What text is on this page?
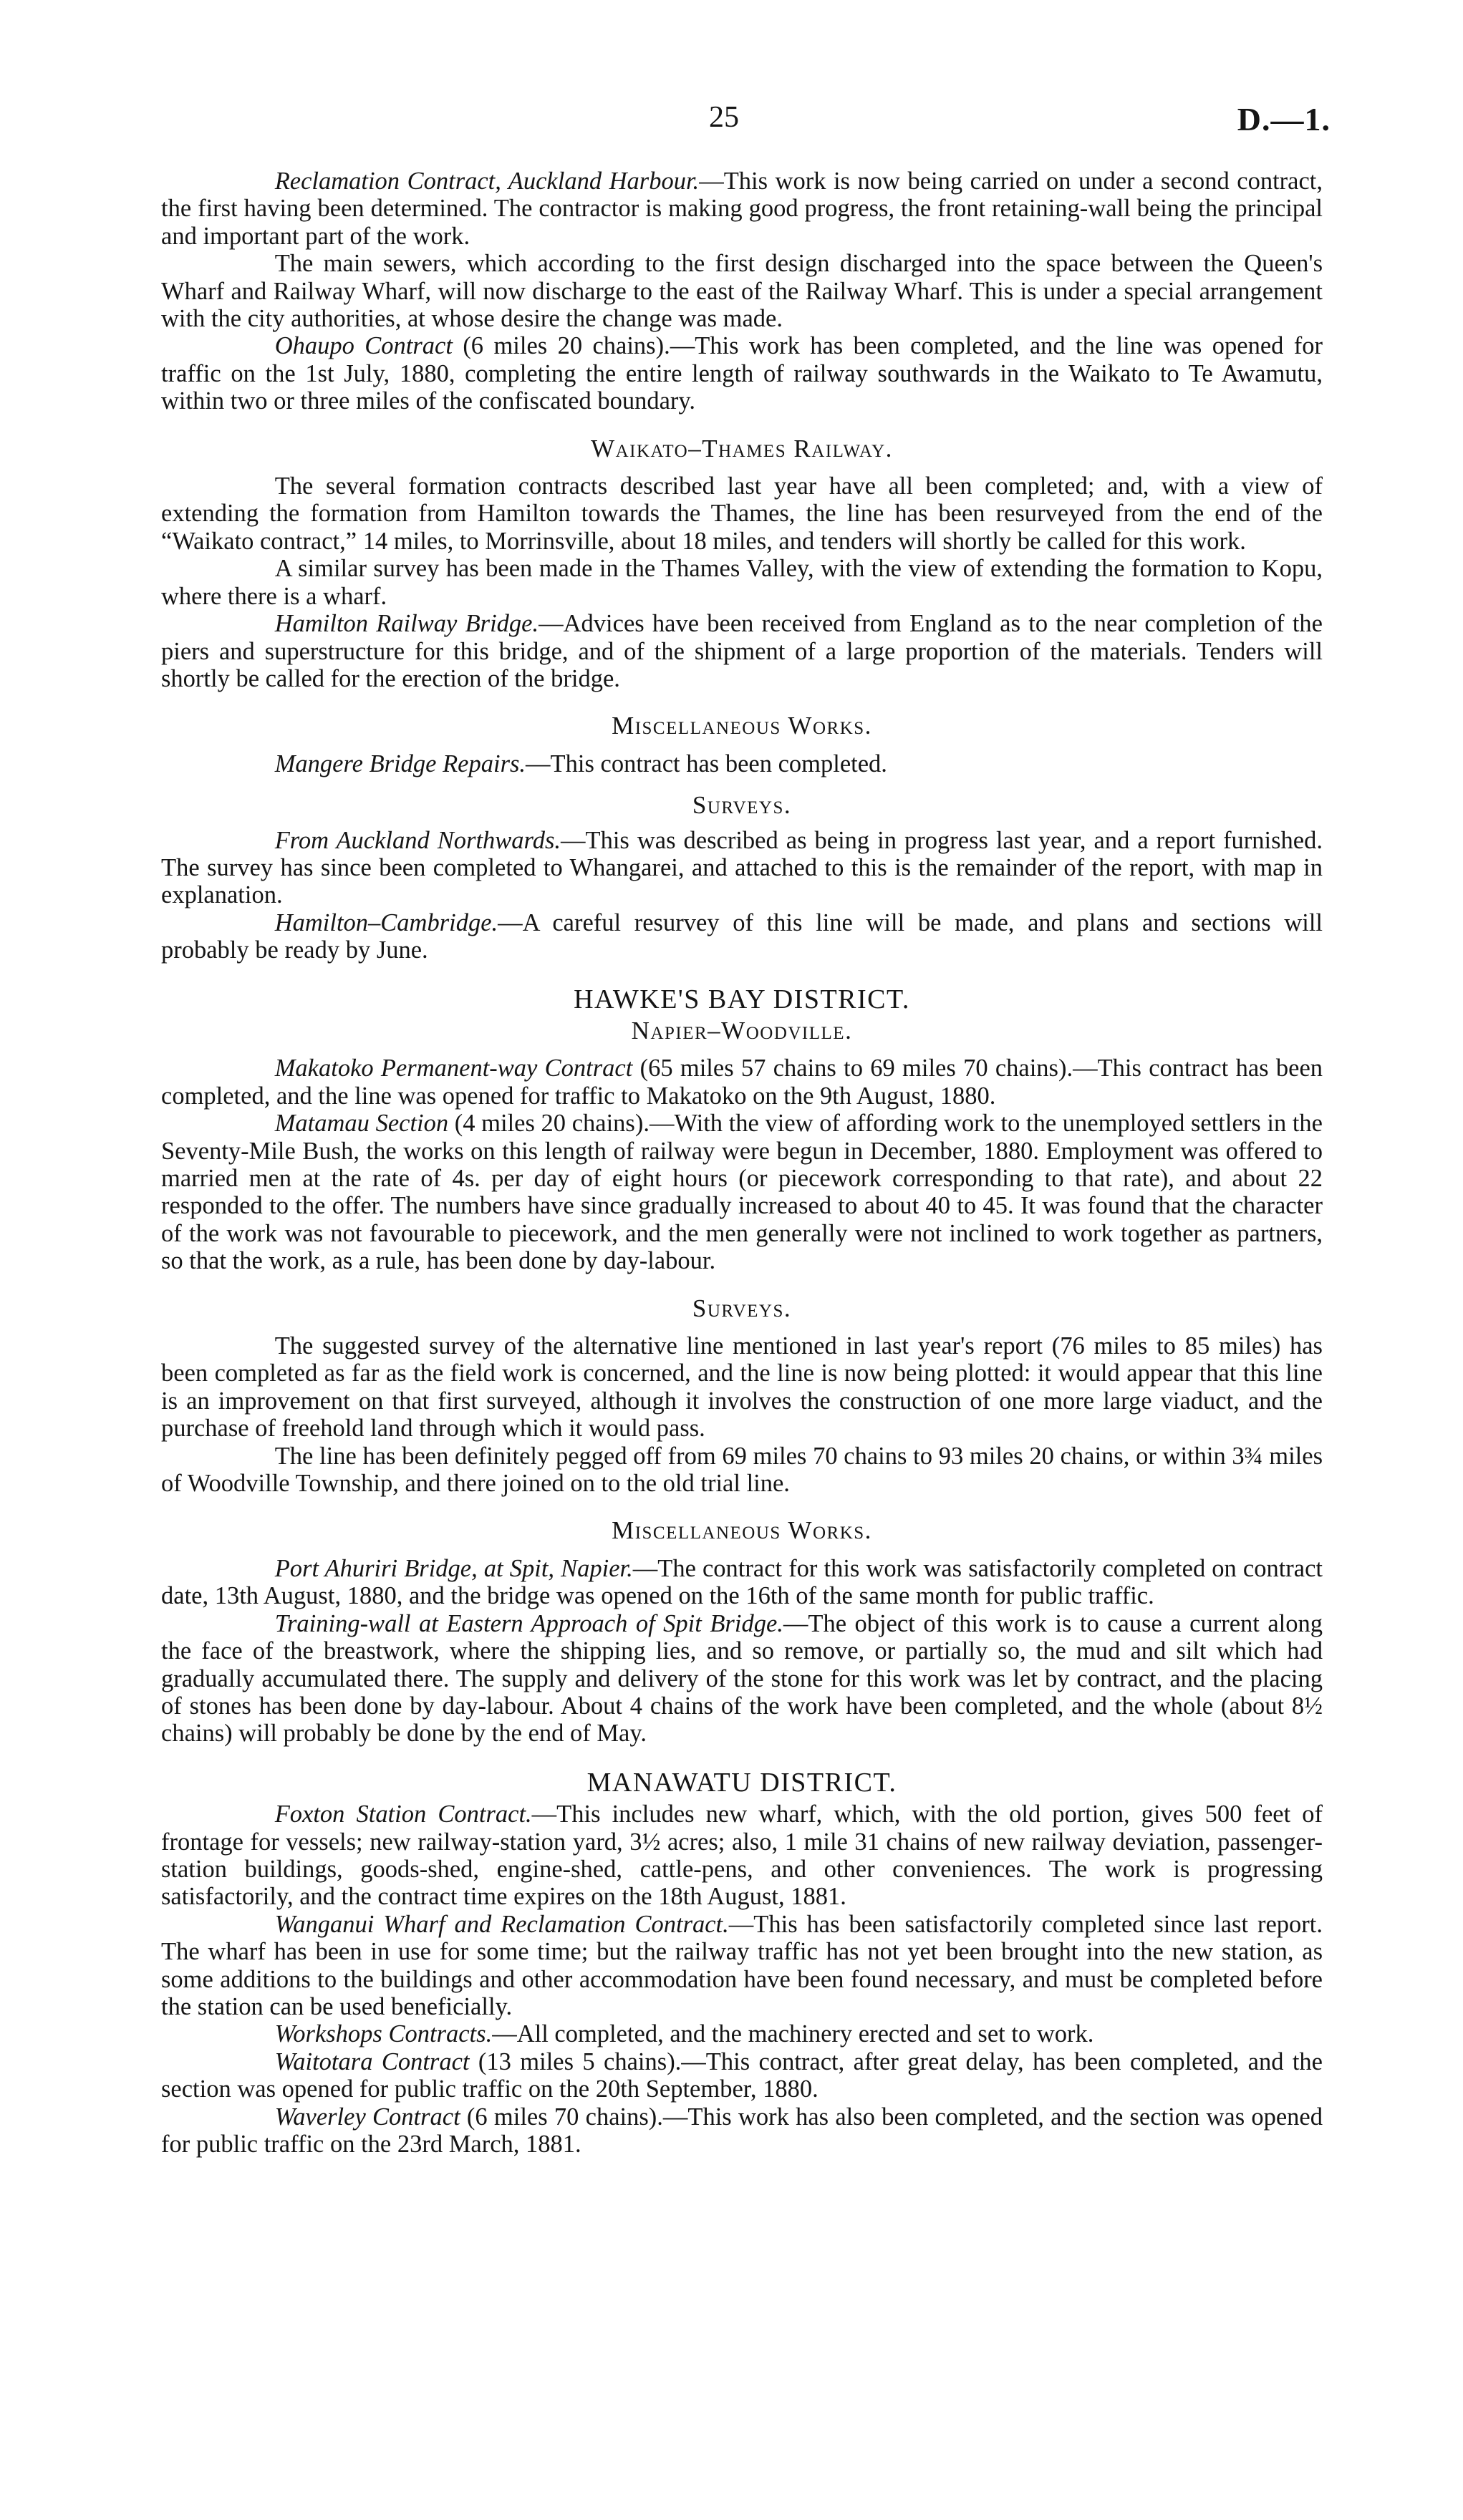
25	D.—1.

Reclamation Contract, Auckland Harbour.—This work is now being carried on under a second contract, the first having been determined. The contractor is making good progress, the front retaining-wall being the principal and important part of the work.

The main sewers, which according to the first design discharged into the space between the Queen's Wharf and Railway Wharf, will now discharge to the east of the Railway Wharf. This is under a special arrangement with the city authorities, at whose desire the change was made.

Ohaupo Contract (6 miles 20 chains).—This work has been completed, and the line was opened for traffic on the 1st July, 1880, completing the entire length of railway southwards in the Waikato to Te Awamutu, within two or three miles of the confiscated boundary.

Waikato–Thames Railway.

The several formation contracts described last year have all been completed; and, with a view of extending the formation from Hamilton towards the Thames, the line has been resurveyed from the end of the “Waikato contract,” 14 miles, to Morrinsville, about 18 miles, and tenders will shortly be called for this work.

A similar survey has been made in the Thames Valley, with the view of extending the formation to Kopu, where there is a wharf.

Hamilton Railway Bridge.—Advices have been received from England as to the near completion of the piers and superstructure for this bridge, and of the shipment of a large proportion of the materials. Tenders will shortly be called for the erection of the bridge.

Miscellaneous Works.

Mangere Bridge Repairs.—This contract has been completed.

Surveys.

From Auckland Northwards.—This was described as being in progress last year, and a report furnished. The survey has since been completed to Whangarei, and attached to this is the remainder of the report, with map in explanation.

Hamilton–Cambridge.—A careful resurvey of this line will be made, and plans and sections will probably be ready by June.

HAWKE'S BAY DISTRICT.
Napier–Woodville.

Makatoko Permanent-way Contract (65 miles 57 chains to 69 miles 70 chains).—This contract has been completed, and the line was opened for traffic to Makatoko on the 9th August, 1880.

Matamau Section (4 miles 20 chains).—With the view of affording work to the unemployed settlers in the Seventy-Mile Bush, the works on this length of railway were begun in December, 1880. Employment was offered to married men at the rate of 4s. per day of eight hours (or piecework corresponding to that rate), and about 22 responded to the offer. The numbers have since gradually increased to about 40 to 45. It was found that the character of the work was not favourable to piecework, and the men generally were not inclined to work together as partners, so that the work, as a rule, has been done by day-labour.

Surveys.

The suggested survey of the alternative line mentioned in last year's report (76 miles to 85 miles) has been completed as far as the field work is concerned, and the line is now being plotted: it would appear that this line is an improvement on that first surveyed, although it involves the construction of one more large viaduct, and the purchase of freehold land through which it would pass.

The line has been definitely pegged off from 69 miles 70 chains to 93 miles 20 chains, or within 3¾ miles of Woodville Township, and there joined on to the old trial line.

Miscellaneous Works.

Port Ahuriri Bridge, at Spit, Napier.—The contract for this work was satisfactorily completed on contract date, 13th August, 1880, and the bridge was opened on the 16th of the same month for public traffic.

Training-wall at Eastern Approach of Spit Bridge.—The object of this work is to cause a current along the face of the breastwork, where the shipping lies, and so remove, or partially so, the mud and silt which had gradually accumulated there. The supply and delivery of the stone for this work was let by contract, and the placing of stones has been done by day-labour. About 4 chains of the work have been completed, and the whole (about 8½ chains) will probably be done by the end of May.

MANAWATU DISTRICT.

Foxton Station Contract.—This includes new wharf, which, with the old portion, gives 500 feet of frontage for vessels; new railway-station yard, 3½ acres; also, 1 mile 31 chains of new railway deviation, passenger-station buildings, goods-shed, engine-shed, cattle-pens, and other conveniences. The work is progressing satisfactorily, and the contract time expires on the 18th August, 1881.

Wanganui Wharf and Reclamation Contract.—This has been satisfactorily completed since last report. The wharf has been in use for some time; but the railway traffic has not yet been brought into the new station, as some additions to the buildings and other accommodation have been found necessary, and must be completed before the station can be used beneficially.

Workshops Contracts.—All completed, and the machinery erected and set to work.

Waitotara Contract (13 miles 5 chains).—This contract, after great delay, has been completed, and the section was opened for public traffic on the 20th September, 1880.

Waverley Contract (6 miles 70 chains).—This work has also been completed, and the section was opened for public traffic on the 23rd March, 1881.
